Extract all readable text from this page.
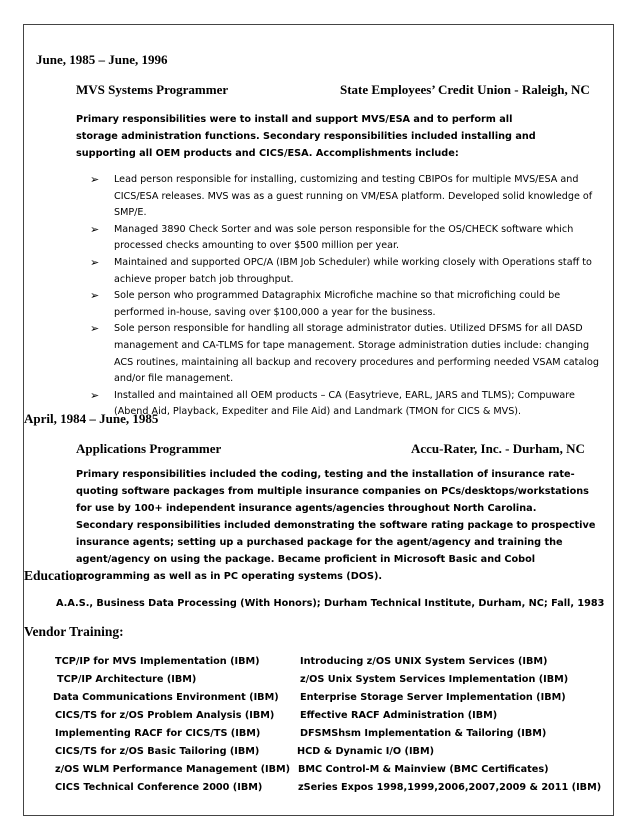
June, 1985 – June, 1996
MVS Systems Programmer	State Employees’ Credit Union - Raleigh, NC
Primary responsibilities were to install and support MVS/ESA and to perform all storage administration functions. Secondary responsibilities included installing and supporting all OEM products and CICS/ESA. Accomplishments include:
➢ Lead person responsible for installing, customizing and testing CBIPOs for multiple MVS/ESA and CICS/ESA releases. MVS was as a guest running on VM/ESA platform. Developed solid knowledge of SMP/E.
➢ Managed 3890 Check Sorter and was sole person responsible for the OS/CHECK software which processed checks amounting to over $500 million per year.
➢ Maintained and supported OPC/A (IBM Job Scheduler) while working closely with Operations staff to achieve proper batch job throughput.
➢ Sole person who programmed Datagraphix Microfiche machine so that microfiching could be performed in-house, saving over $100,000 a year for the business.
➢ Sole person responsible for handling all storage administrator duties. Utilized DFSMS for all DASD management and CA-TLMS for tape management. Storage administration duties include: changing ACS routines, maintaining all backup and recovery procedures and performing needed VSAM catalog and/or file management.
➢ Installed and maintained all OEM products – CA (Easytrieve, EARL, JARS and TLMS); Compuware (Abend Aid, Playback, Expediter and File Aid) and Landmark (TMON for CICS & MVS).
April, 1984 – June, 1985
Applications Programmer	Accu-Rater, Inc. - Durham, NC
Primary responsibilities included the coding, testing and the installation of insurance rate-quoting software packages from multiple insurance companies on PCs/desktops/workstations for use by 100+ independent insurance agents/agencies throughout North Carolina. Secondary responsibilities included demonstrating the software rating package to prospective insurance agents; setting up a purchased package for the agent/agency and training the agent/agency on using the package. Became proficient in Microsoft Basic and Cobol programming as well as in PC operating systems (DOS).
Education:
A.A.S., Business Data Processing (With Honors); Durham Technical Institute, Durham, NC; Fall, 1983
Vendor Training:
TCP/IP for MVS Implementation (IBM)
TCP/IP Architecture (IBM)
Data Communications Environment (IBM)
CICS/TS for z/OS Problem Analysis (IBM)
Implementing RACF for CICS/TS (IBM)
CICS/TS for z/OS Basic Tailoring (IBM)
z/OS WLM Performance Management (IBM)
CICS Technical Conference 2000 (IBM)
Introducing z/OS UNIX System Services (IBM)
z/OS Unix System Services Implementation (IBM)
Enterprise Storage Server Implementation (IBM)
Effective RACF Administration (IBM)
DFSMShsm Implementation & Tailoring (IBM)
HCD & Dynamic I/O (IBM)
BMC Control-M & Mainview (BMC Certificates)
zSeries Expos 1998,1999,2006,2007,2009 & 2011 (IBM)
